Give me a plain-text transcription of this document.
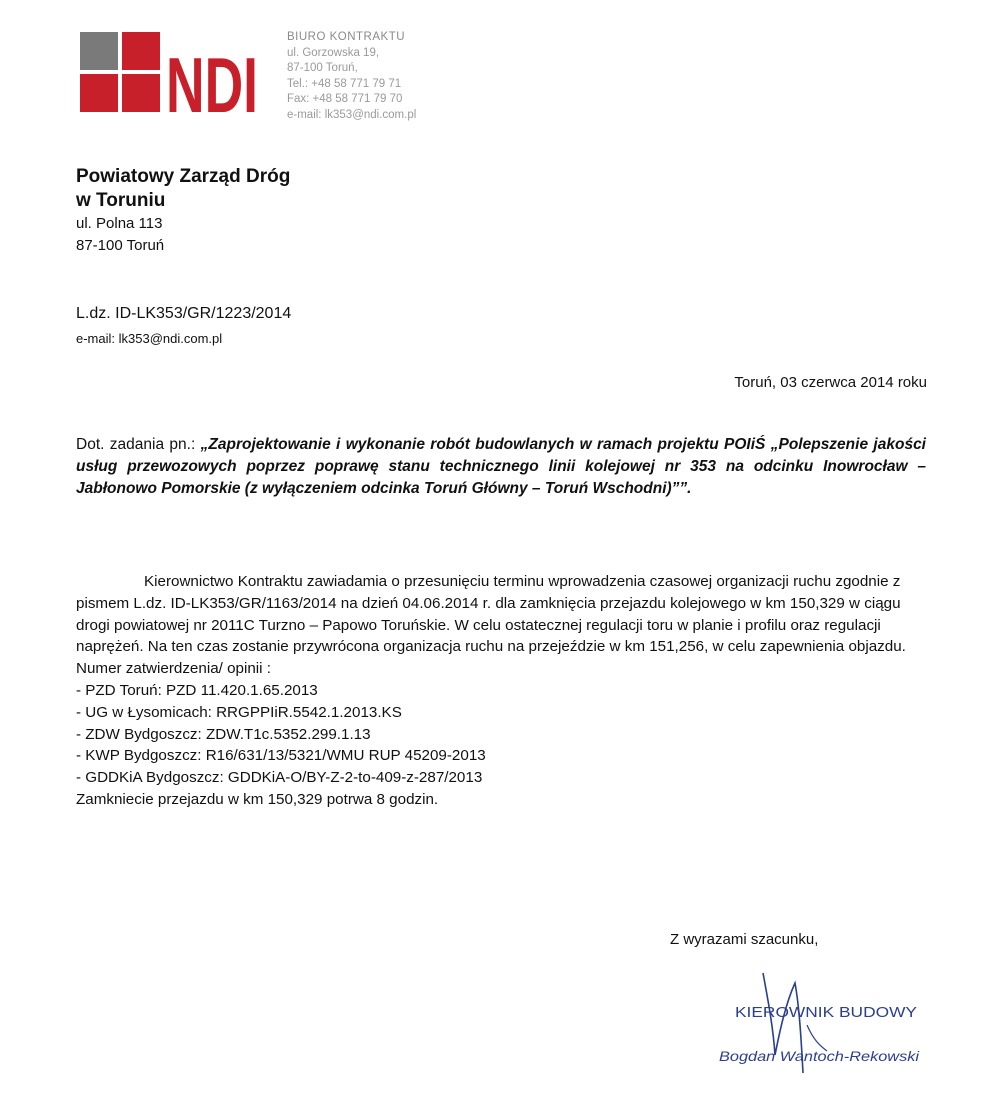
NDI
BIURO KONTRAKTU
ul. Gorzowska 19,
87-100 Toruń,
Tel.: +48 58 771 79 71
Fax: +48 58 771 79 70
e-mail: lk353@ndi.com.pl
Powiatowy Zarząd Dróg
w Toruniu
ul. Polna 113
87-100 Toruń
L.dz. ID-LK353/GR/1223/2014
e-mail: lk353@ndi.com.pl
Toruń, 03 czerwca 2014 roku
Dot. zadania pn.: „Zaprojektowanie i wykonanie robót budowlanych w ramach projektu POIiŚ „Polepszenie jakości usług przewozowych poprzez poprawę stanu technicznego linii kolejowej nr 353 na odcinku Inowrocław – Jabłonowo Pomorskie (z wyłączeniem odcinka Toruń Główny – Toruń Wschodni)””.

Kierownictwo Kontraktu zawiadamia o przesunięciu terminu wprowadzenia czasowej organizacji ruchu zgodnie z pismem L.dz. ID-LK353/GR/1163/2014 na dzień 04.06.2014 r. dla zamknięcia przejazdu kolejowego w km 150,329 w ciągu drogi powiatowej nr 2011C Turzno – Papowo Toruńskie. W celu ostatecznej regulacji toru w planie i profilu oraz regulacji naprężeń. Na ten czas zostanie przywrócona organizacja ruchu na przejeździe w km 151,256, w celu zapewnienia objazdu.

Numer zatwierdzenia/ opinii :

- PZD Toruń: PZD 11.420.1.65.2013

- UG w Łysomicach: RRGPPIiR.5542.1.2013.KS

- ZDW Bydgoszcz: ZDW.T1c.5352.299.1.13

- KWP Bydgoszcz: R16/631/13/5321/WMU RUP 45209-2013

- GDDKiA Bydgoszcz: GDDKiA-O/BY-Z-2-to-409-z-287/2013

Zamkniecie przejazdu w km 150,329 potrwa 8 godzin.

Z wyrazami szacunku,
KIEROWNIK BUDOWY
Bogdan Wantoch-Rekowski
